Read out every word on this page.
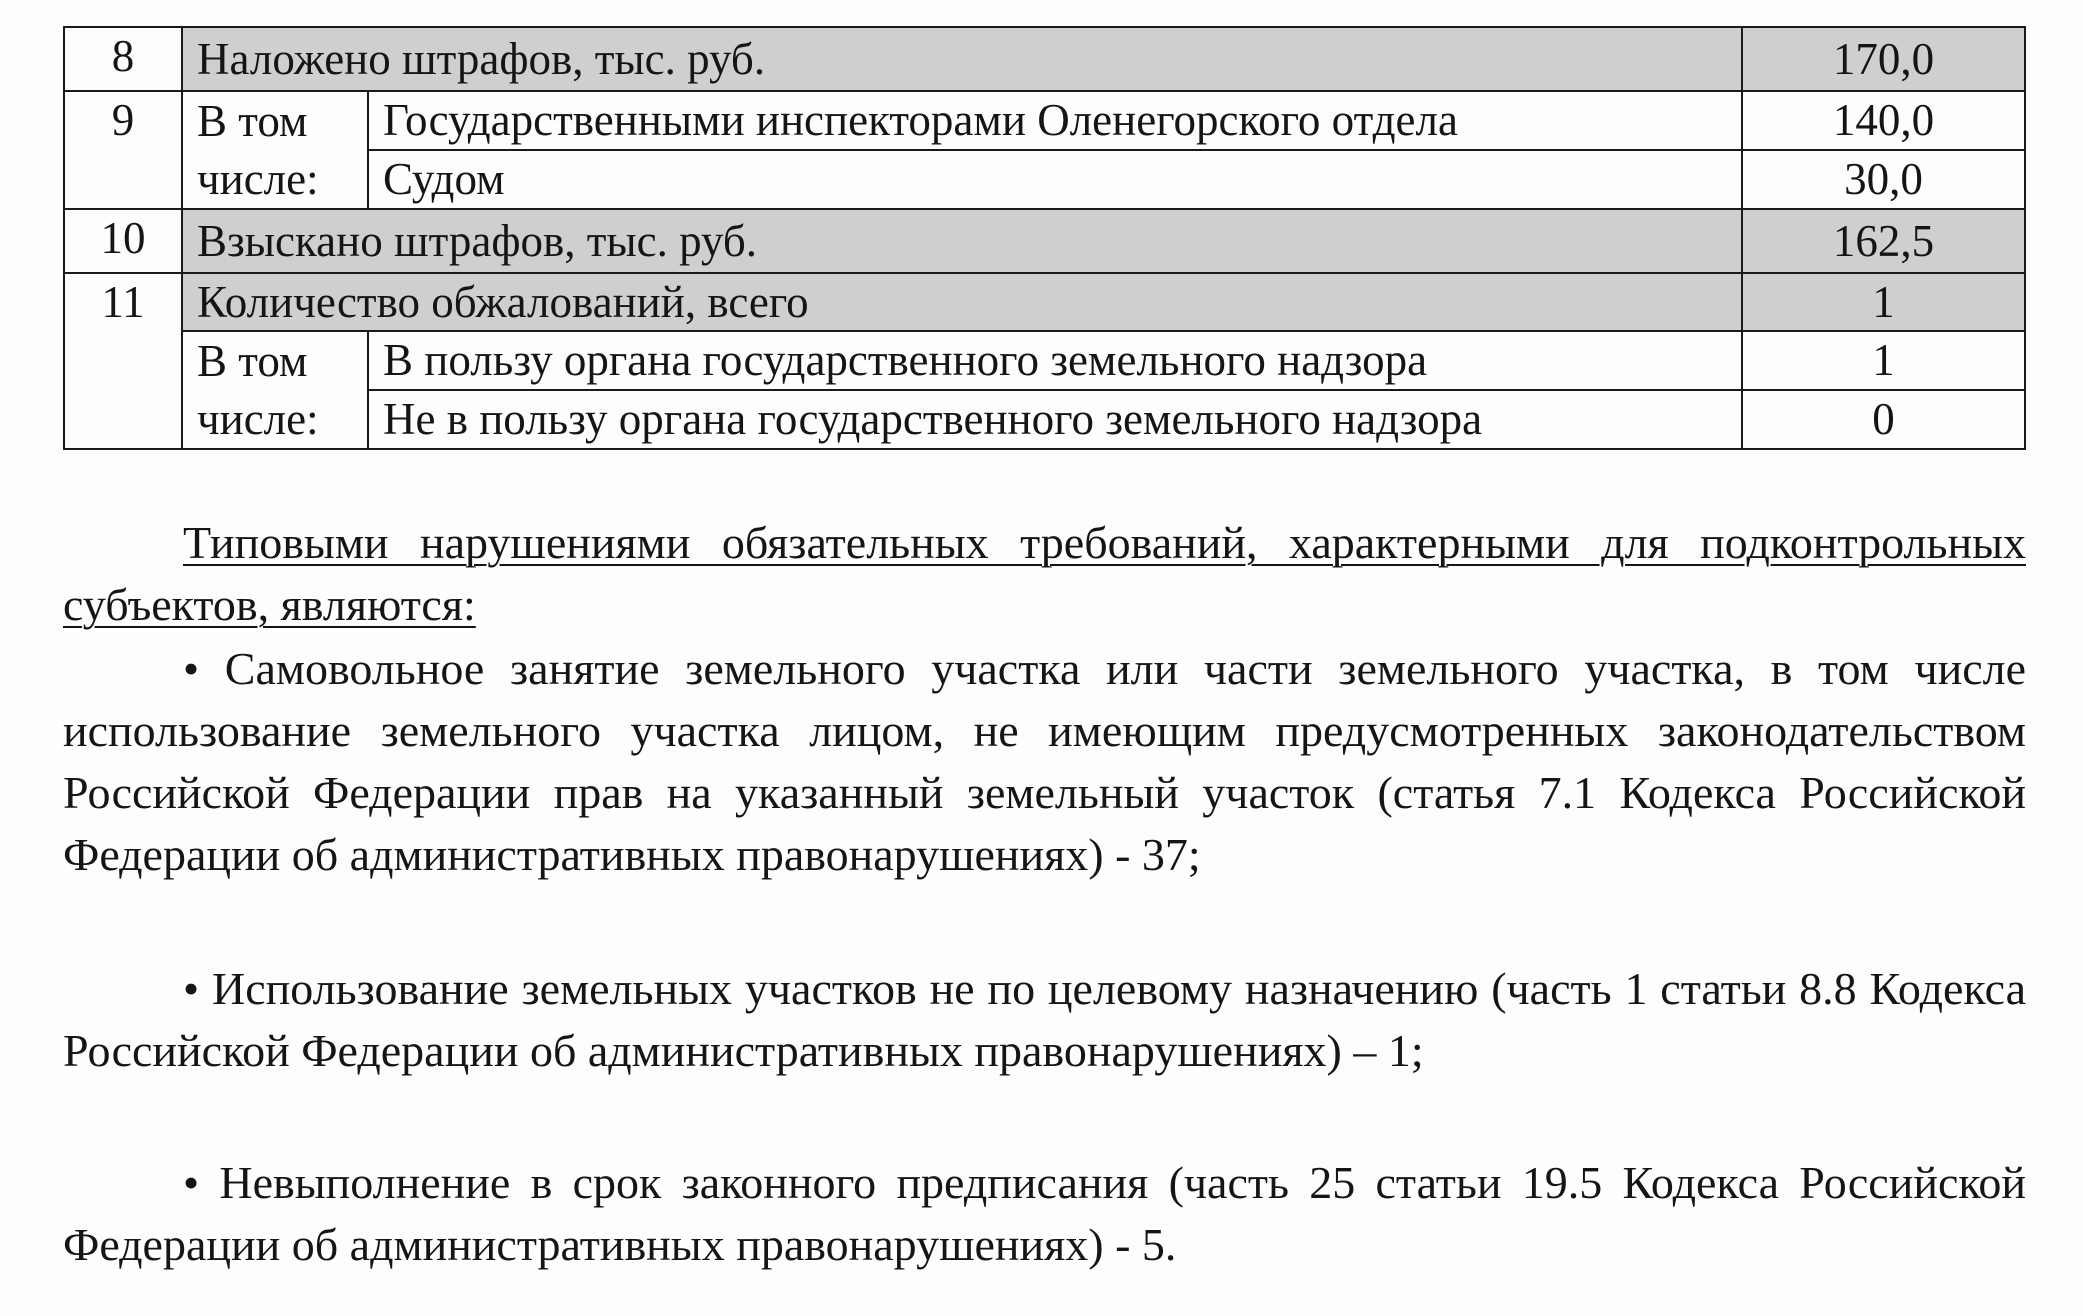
8	Наложено штрафов, тыс. руб.		170,0
9	В том числе:	Государственными инспекторами Оленегорского отдела	140,0
		Судом	30,0
10	Взыскано штрафов, тыс. руб.		162,5
11	Количество обжалований, всего		1

	В том числе:	В пользу органа государственного земельного надзора	1
		Не в пользу органа государственного земельного надзора	0

Типовыми нарушениями обязательных требований, характерными для подконтрольных субъектов, являются:

• Самовольное занятие земельного участка или части земельного участка, в том числе использование земельного участка лицом, не имеющим предусмотренных законодательством Российской Федерации прав на указанный земельный участок (статья 7.1 Кодекса Российской Федерации об административных правонарушениях) - 37;

• Использование земельных участков не по целевому назначению (часть 1 статьи 8.8 Кодекса Российской Федерации об административных правонарушениях) – 1;

• Невыполнение в срок законного предписания (часть 25 статьи 19.5 Кодекса Российской Федерации об административных правонарушениях) - 5.
